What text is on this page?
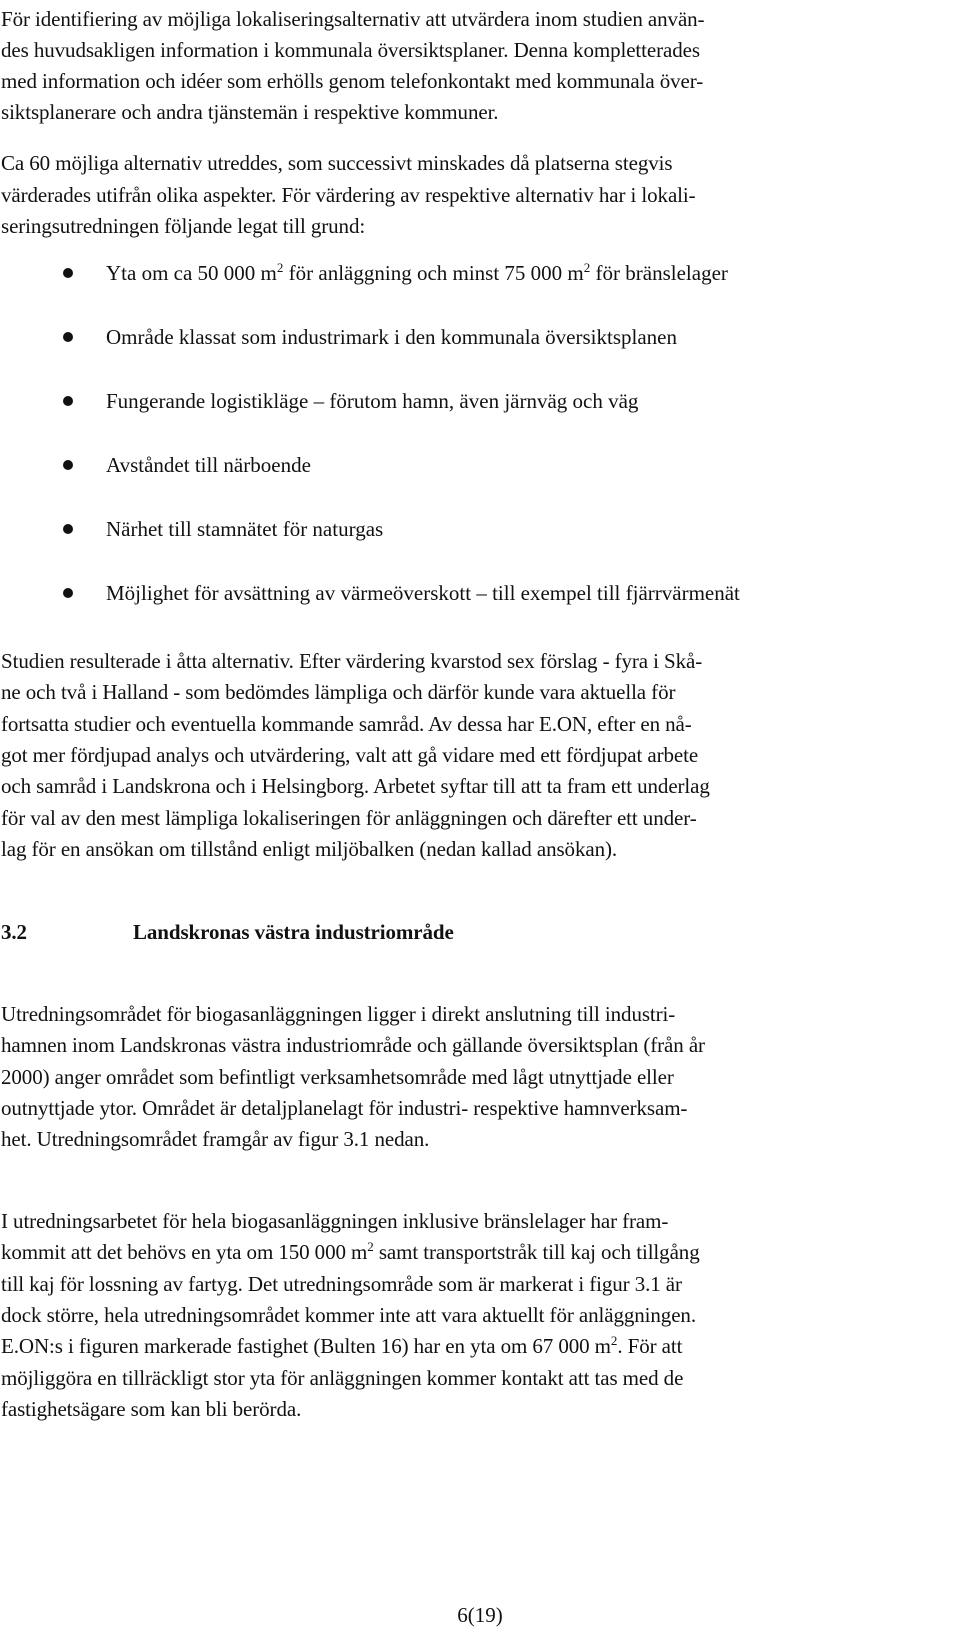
För identifiering av möjliga lokaliseringsalternativ att utvärdera inom studien använ-
des huvudsakligen information i kommunala översiktsplaner. Denna kompletterades
med information och idéer som erhölls genom telefonkontakt med kommunala över-
siktsplanerare och andra tjänstemän i respektive kommuner.
Ca 60 möjliga alternativ utreddes, som successivt minskades då platserna stegvis
värderades utifrån olika aspekter. För värdering av respektive alternativ har i lokali-
seringsutredningen följande legat till grund:
Yta om ca 50 000 $m^2$ för anläggning och minst 75 000 $m^2$ för bränslelager
Område klassat som industrimark i den kommunala översiktsplanen
Fungerande logistikläge – förutom hamn, även järnväg och väg
Avståndet till närboende
Närhet till stamnätet för naturgas
Möjlighet för avsättning av värmeöverskott – till exempel till fjärrvärmenät
Studien resulterade i åtta alternativ. Efter värdering kvarstod sex förslag - fyra i Skå-
ne och två i Halland - som bedömdes lämpliga och därför kunde vara aktuella för
fortsatta studier och eventuella kommande samråd. Av dessa har E.ON, efter en nå-
got mer fördjupad analys och utvärdering, valt att gå vidare med ett fördjupat arbete
och samråd i Landskrona och i Helsingborg. Arbetet syftar till att ta fram ett underlag
för val av den mest lämpliga lokaliseringen för anläggningen och därefter ett under-
lag för en ansökan om tillstånd enligt miljöbalken (nedan kallad ansökan).
3.2	Landskronas västra industriområde
Utredningsområdet för biogasanläggningen ligger i direkt anslutning till industri-
hamnen inom Landskronas västra industriområde och gällande översiktsplan (från år
2000) anger området som befintligt verksamhetsområde med lågt utnyttjade eller
outnyttjade ytor. Området är detaljplanelagt för industri- respektive hamnverksam-
het. Utredningsområdet framgår av figur 3.1 nedan.
I utredningsarbetet för hela biogasanläggningen inklusive bränslelager har fram-
kommit att det behövs en yta om 150 000 $m^2$ samt transportstråk till kaj och tillgång
till kaj för lossning av fartyg. Det utredningsområde som är markerat i figur 3.1 är
dock större, hela utredningsområdet kommer inte att vara aktuellt för anläggningen.
E.ON:s i figuren markerade fastighet (Bulten 16) har en yta om 67 000 $m^2$. För att
möjliggöra en tillräckligt stor yta för anläggningen kommer kontakt att tas med de
fastighetsägare som kan bli berörda.
6(19)
